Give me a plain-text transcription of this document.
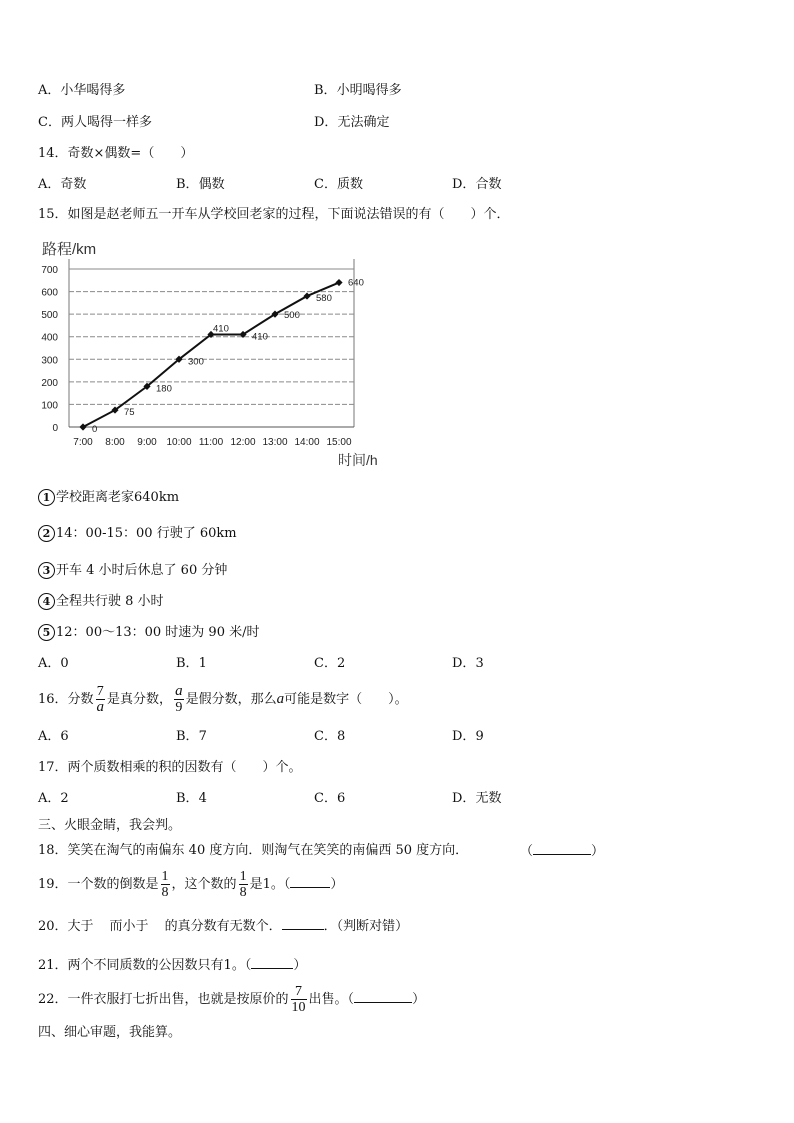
A．小华喝得多	B．小明喝得多
C．两人喝得一样多	D．无法确定
14．奇数×偶数=（　　）
A．奇数	B．偶数	C．质数	D．合数
15．如图是赵老师五一开车从学校回老家的过程，下面说法错误的有（　　）个．
路程/km
时间/h
0
100
200
300
400
500
600
700
7:00 8:00 9:00 10:00 11:00 12:00 13:00 14:00 15:00
0
75
180
300
410
410
500
580
640
1 学校距离老家640km
2 14：00-15：00 行驶了 60km
3 开车 4 小时后休息了 60 分钟
4 全程共行驶 8 小时
5 12：00～13：00 时速为 90 米/时
A．0	B．1	C．2	D．3
16．分数 $\frac{7}{a}$ 是真分数， $\frac{a}{9}$ 是假分数，那么a可能是数字（　　）。
A．6	B．7	C．8	D．9
17．两个质数相乘的积的因数有（　　）个。
A．2	B．4	C．6	D．无数
三、火眼金睛，我会判。
18．笑笑在淘气的南偏东 40 度方向．则淘气在笑笑的南偏西 50 度方向．	（	）
19．一个数的倒数是 $\frac{1}{8}$ ，这个数的 $\frac{1}{8}$ 是1。（	）
20．大于 而小于 的真分数有无数个．	．（判断对错）
21．两个不同质数的公因数只有1。（	）
22．一件衣服打七折出售，也就是按原价的 $\frac{7}{10}$ 出售。（	）
四、细心审题，我能算。
